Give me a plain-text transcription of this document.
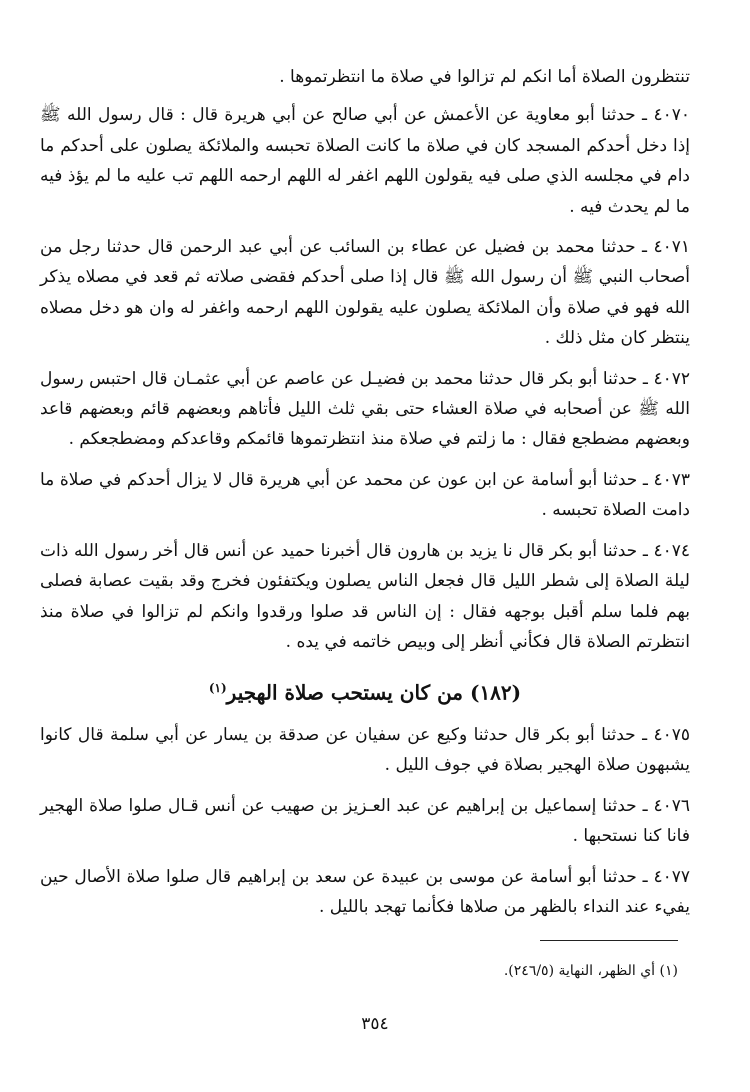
تنتظرون الصلاة أما انكم لم تزالوا في صلاة ما انتظرتموها .

٤٠٧٠ ـ حدثنا أبو معاوية عن الأعمش عن أبي صالح عن أبي هريرة قال : قال رسول الله ﷺ إذا دخل أحدكم المسجد كان في صلاة ما كانت الصلاة تحبسه والملائكة يصلون على أحدكم ما دام في مجلسه الذي صلى فيه يقولون اللهم اغفر له اللهم ارحمه اللهم تب عليه ما لم يؤذ فيه ما لم يحدث فيه .

٤٠٧١ ـ حدثنا محمد بن فضيل عن عطاء بن السائب عن أبي عبد الرحمن قال حدثنا رجل من أصحاب النبي ﷺ أن رسول الله ﷺ قال إذا صلى أحدكم فقضى صلاته ثم قعد في مصلاه يذكر الله فهو في صلاة وأن الملائكة يصلون عليه يقولون اللهم ارحمه واغفر له وان هو دخل مصلاه ينتظر كان مثل ذلك .

٤٠٧٢ ـ حدثنا أبو بكر قال حدثنا محمد بن فضيـل عن عاصم عن أبي عثمـان قال احتبس رسول الله ﷺ عن أصحابه في صلاة العشاء حتى بقي ثلث الليل فأتاهم وبعضهم قائم وبعضهم قاعد وبعضهم مضطجع فقال : ما زلتم في صلاة منذ انتظرتموها قائمكم وقاعدكم ومضطجعكم .

٤٠٧٣ ـ حدثنا أبو أسامة عن ابن عون عن محمد عن أبي هريرة قال لا يزال أحدكم في صلاة ما دامت الصلاة تحبسه .

٤٠٧٤ ـ حدثنا أبو بكر قال نا يزيد بن هارون قال أخبرنا حميد عن أنس قال أخر رسول الله ذات ليلة الصلاة إلى شطر الليل قال فجعل الناس يصلون ويكتفئون فخرج وقد بقيت عصابة فصلى بهم فلما سلم أقبل بوجهه فقال : إن الناس قد صلوا ورقدوا وانكم لم تزالوا في صلاة منذ انتظرتم الصلاة قال فكأني أنظر إلى وبيص خاتمه في يده .

(١٨٢) من كان يستحب صلاة الهجير$^{(١)}$

٤٠٧٥ ـ حدثنا أبو بكر قال حدثنا وكيع عن سفيان عن صدقة بن يسار عن أبي سلمة قال كانوا يشبهون صلاة الهجير بصلاة في جوف الليل .

٤٠٧٦ ـ حدثنا إسماعيل بن إبراهيم عن عبد العـزيز بن صهيب عن أنس قـال صلوا صلاة الهجير فانا كنا نستحبها .

٤٠٧٧ ـ حدثنا أبو أسامة عن موسى بن عبيدة عن سعد بن إبراهيم قال صلوا صلاة الأصال حين يفيء عند النداء بالظهر من صلاها فكأنما تهجد بالليل .

(١) أي الظهر، النهاية (٢٤٦/٥).
٣٥٤
